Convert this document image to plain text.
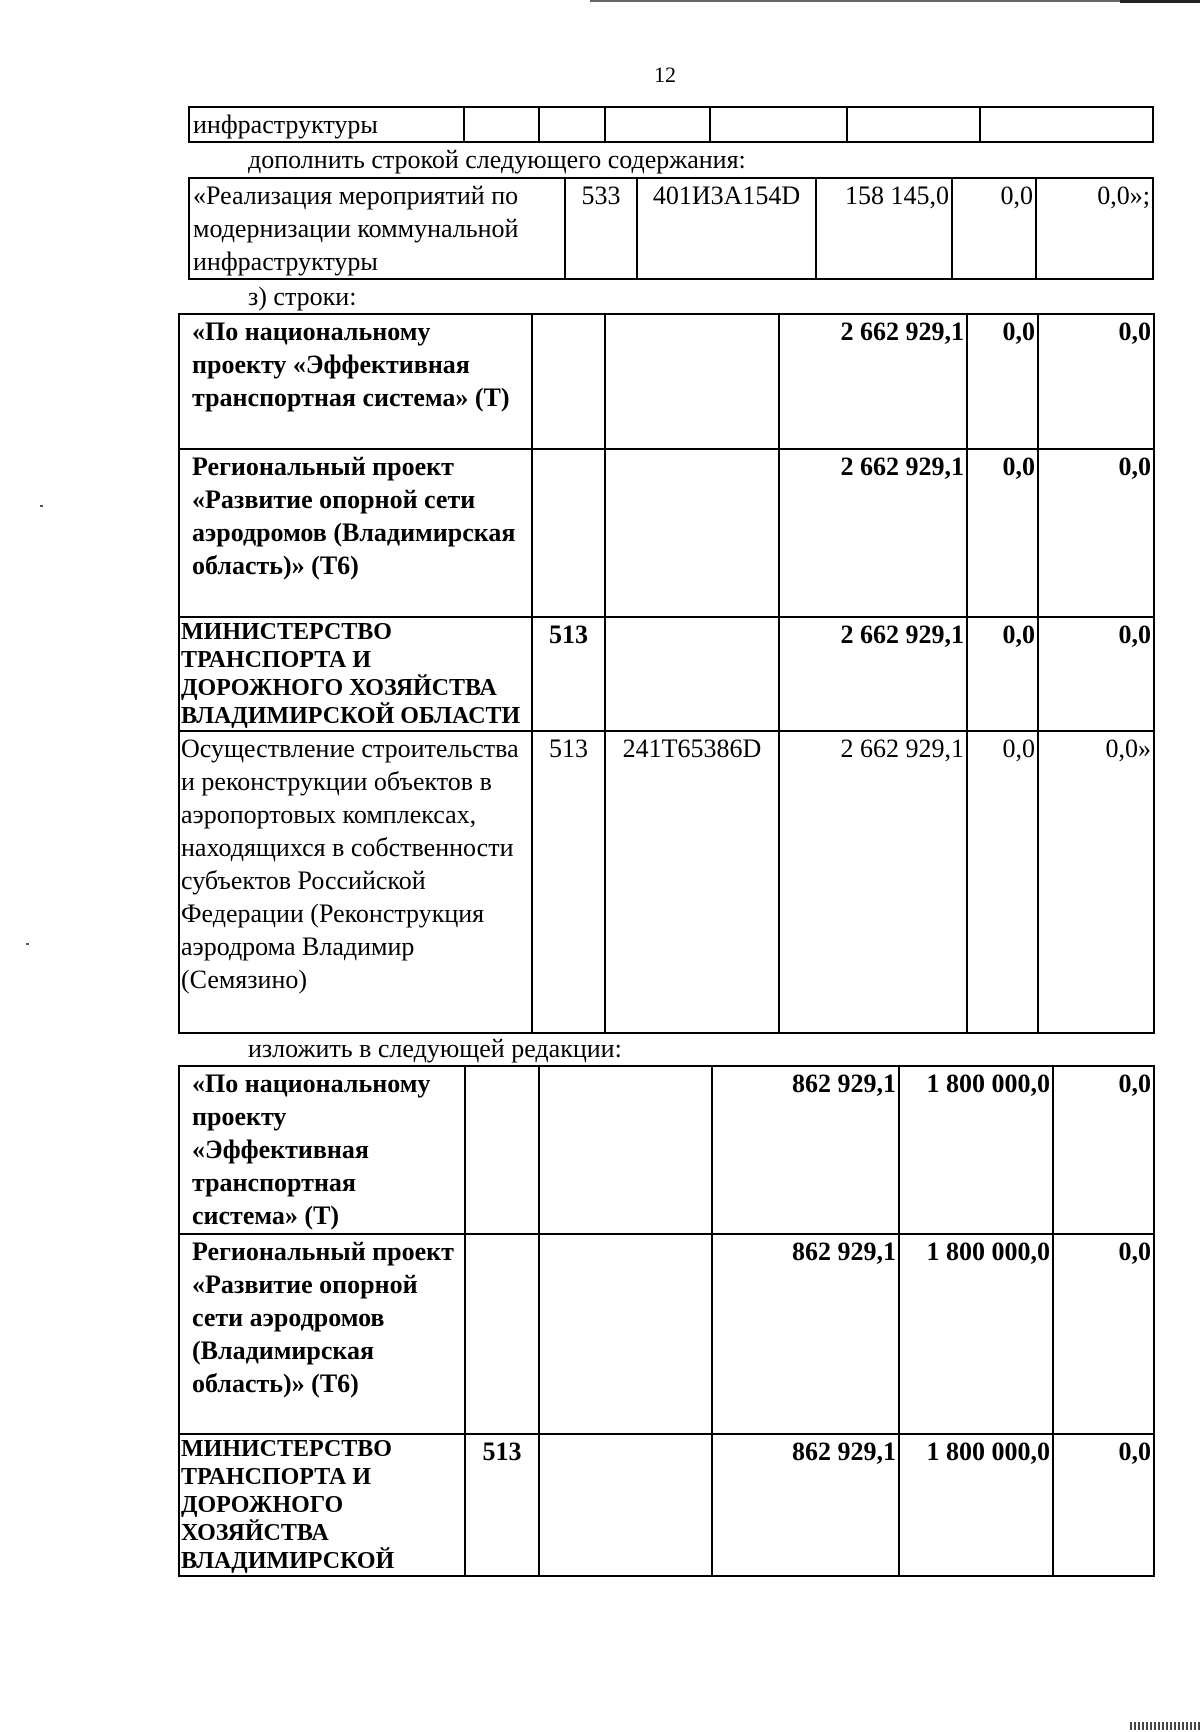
12
инфраструктуры						
дополнить строкой следующего содержания:
«Реализация мероприятий по модернизации коммунальной инфраструктуры	533	401И3А154D	158 145,0	0,0	0,0»;
з) строки:
«По национальному проекту «Эффективная транспортная система» (Т)			2 662 929,1	0,0	0,0
Региональный проект «Развитие опорной сети аэродромов (Владимирская область)» (Т6)			2 662 929,1	0,0	0,0
МИНИСТЕРСТВО ТРАНСПОРТА И ДОРОЖНОГО ХОЗЯЙСТВА ВЛАДИМИРСКОЙ ОБЛАСТИ	513		2 662 929,1	0,0	0,0
Осуществление строительства и реконструкции объектов в аэропортовых комплексах, находящихся в собственности субъектов Российской Федерации (Реконструкция аэродрома Владимир (Семязино)	513	241Т65386D	2 662 929,1	0,0	0,0»
изложить в следующей редакции:
«По национальному проекту «Эффективная транспортная система» (Т)			862 929,1	1 800 000,0	0,0
Региональный проект «Развитие опорной сети аэродромов (Владимирская область)» (Т6)			862 929,1	1 800 000,0	0,0
МИНИСТЕРСТВО ТРАНСПОРТА И ДОРОЖНОГО ХОЗЯЙСТВА ВЛАДИМИРСКОЙ	513		862 929,1	1 800 000,0	0,0
